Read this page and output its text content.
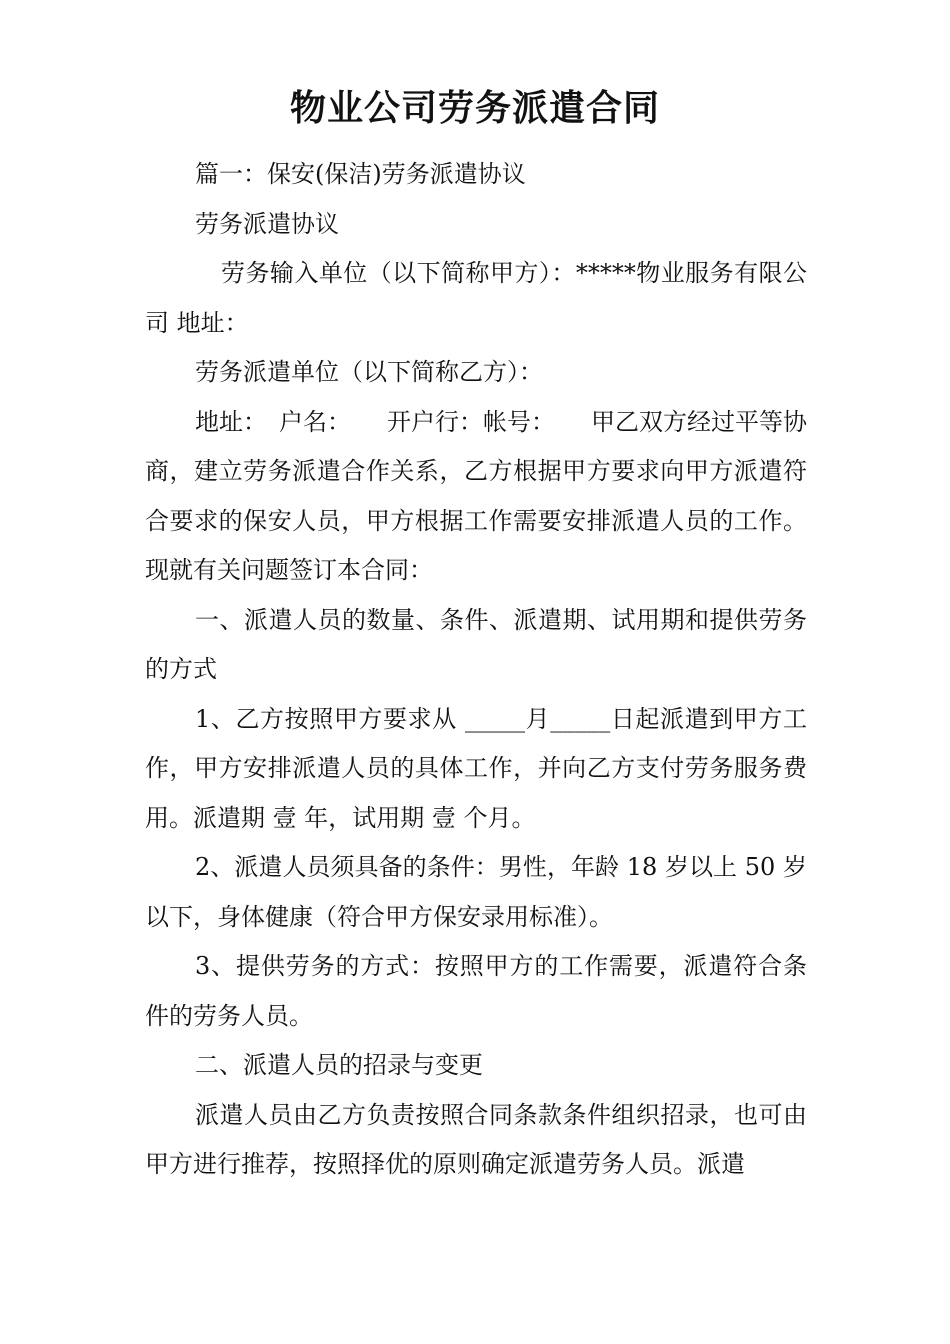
物业公司劳务派遣合同

篇一：保安(保洁)劳务派遣协议

劳务派遣协议

劳务输入单位（以下简称甲方）：*****物业服务有限公司 地址：

劳务派遣单位（以下简称乙方）：

地址：　户名：　　开户行：帐号：　　甲乙双方经过平等协商，建立劳务派遣合作关系，乙方根据甲方要求向甲方派遣符合要求的保安人员，甲方根据工作需要安排派遣人员的工作。现就有关问题签订本合同：

一、派遣人员的数量、条件、派遣期、试用期和提供劳务的方式

1、乙方按照甲方要求从 _____月_____日起派遣到甲方工作，甲方安排派遣人员的具体工作，并向乙方支付劳务服务费用。派遣期 壹 年，试用期 壹 个月。

2、派遣人员须具备的条件：男性，年龄 18 岁以上 50 岁以下，身体健康（符合甲方保安录用标准）。

3、提供劳务的方式：按照甲方的工作需要，派遣符合条件的劳务人员。

二、派遣人员的招录与变更

派遣人员由乙方负责按照合同条款条件组织招录，也可由甲方进行推荐，按照择优的原则确定派遣劳务人员。派遣
